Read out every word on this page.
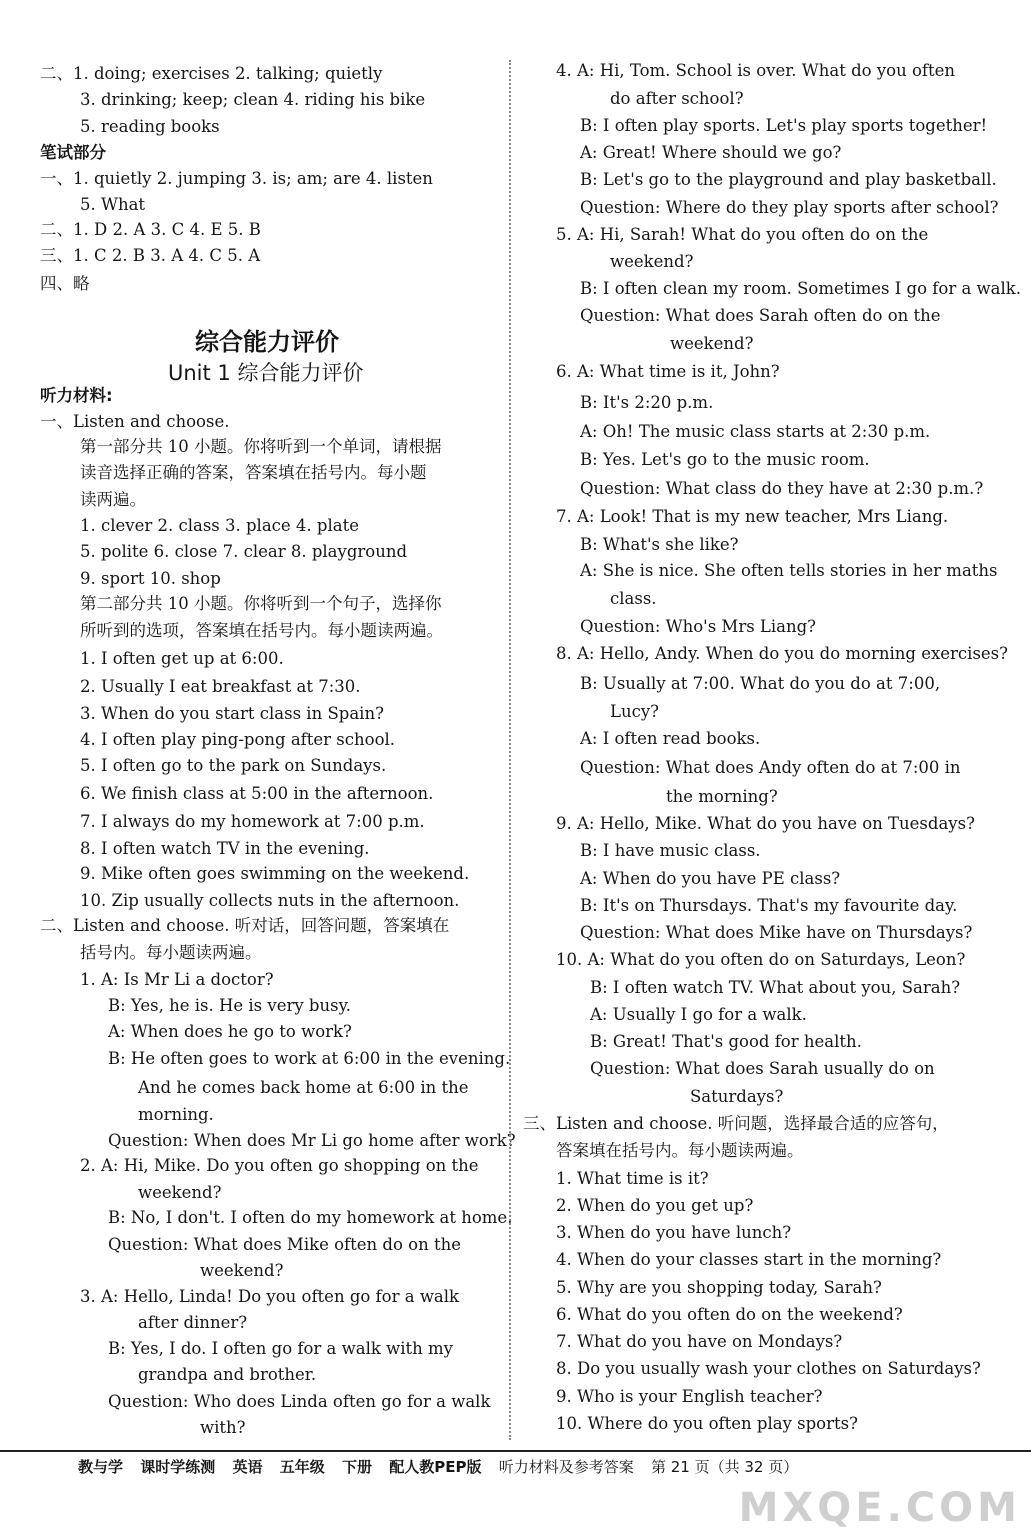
二、1. doing; exercises 2. talking; quietly
3. drinking; keep; clean 4. riding his bike
5. reading books
笔试部分
一、1. quietly 2. jumping 3. is; am; are 4. listen
5. What
二、1. D 2. A 3. C 4. E 5. B
三、1. C 2. B 3. A 4. C 5. A
四、略
综合能力评价
Unit 1 综合能力评价
听力材料:
一、Listen and choose.
第一部分共 10 小题。你将听到一个单词，请根据
读音选择正确的答案，答案填在括号内。每小题
读两遍。
1. clever 2. class 3. place 4. plate
5. polite 6. close 7. clear 8. playground
9. sport 10. shop
第二部分共 10 小题。你将听到一个句子，选择你
所听到的选项，答案填在括号内。每小题读两遍。
1. I often get up at 6:00.
2. Usually I eat breakfast at 7:30.
3. When do you start class in Spain?
4. I often play ping-pong after school.
5. I often go to the park on Sundays.
6. We finish class at 5:00 in the afternoon.
7. I always do my homework at 7:00 p.m.
8. I often watch TV in the evening.
9. Mike often goes swimming on the weekend.
10. Zip usually collects nuts in the afternoon.
二、Listen and choose. 听对话，回答问题，答案填在
括号内。每小题读两遍。
1. A: Is Mr Li a doctor?
B: Yes, he is. He is very busy.
A: When does he go to work?
B: He often goes to work at 6:00 in the evening.
And he comes back home at 6:00 in the
morning.
Question: When does Mr Li go home after work?
2. A: Hi, Mike. Do you often go shopping on the
weekend?
B: No, I don't. I often do my homework at home.
Question: What does Mike often do on the
weekend?
3. A: Hello, Linda! Do you often go for a walk
after dinner?
B: Yes, I do. I often go for a walk with my
grandpa and brother.
Question: Who does Linda often go for a walk
with?
4. A: Hi, Tom. School is over. What do you often
do after school?
B: I often play sports. Let's play sports together!
A: Great! Where should we go?
B: Let's go to the playground and play basketball.
Question: Where do they play sports after school?
5. A: Hi, Sarah! What do you often do on the
weekend?
B: I often clean my room. Sometimes I go for a walk.
Question: What does Sarah often do on the
weekend?
6. A: What time is it, John?
B: It's 2:20 p.m.
A: Oh! The music class starts at 2:30 p.m.
B: Yes. Let's go to the music room.
Question: What class do they have at 2:30 p.m.?
7. A: Look! That is my new teacher, Mrs Liang.
B: What's she like?
A: She is nice. She often tells stories in her maths
class.
Question: Who's Mrs Liang?
8. A: Hello, Andy. When do you do morning exercises?
B: Usually at 7:00. What do you do at 7:00,
Lucy?
A: I often read books.
Question: What does Andy often do at 7:00 in
the morning?
9. A: Hello, Mike. What do you have on Tuesdays?
B: I have music class.
A: When do you have PE class?
B: It's on Thursdays. That's my favourite day.
Question: What does Mike have on Thursdays?
10. A: What do you often do on Saturdays, Leon?
B: I often watch TV. What about you, Sarah?
A: Usually I go for a walk.
B: Great! That's good for health.
Question: What does Sarah usually do on
Saturdays?
三、Listen and choose. 听问题，选择最合适的应答句，
答案填在括号内。每小题读两遍。
1. What time is it?
2. When do you get up?
3. When do you have lunch?
4. When do your classes start in the morning?
5. Why are you shopping today, Sarah?
6. What do you often do on the weekend?
7. What do you have on Mondays?
8. Do you usually wash your clothes on Saturdays?
9. Who is your English teacher?
10. Where do you often play sports?
教与学 课时学练测 英语 五年级 下册 配人教PEP版 听力材料及参考答案 第 21 页（共 32 页）
MXQE.COM
